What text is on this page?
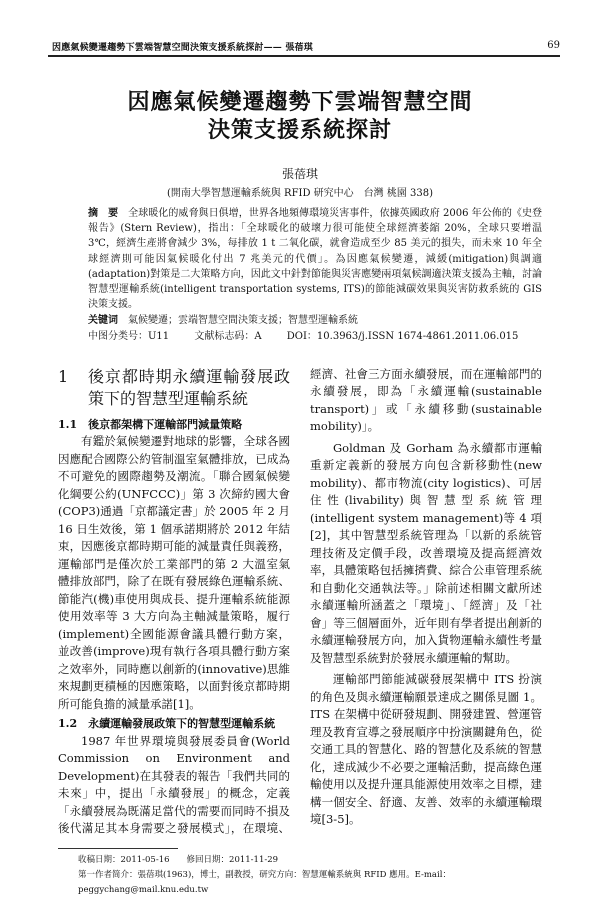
因應氣候變遷趨勢下雲端智慧空間決策支援系統探討—— 張蓓琪	69
因應氣候變遷趨勢下雲端智慧空間
決策支援系統探討
張蓓琪
(開南大學智慧運輸系統與 RFID 研究中心　台灣 桃園 338)
摘　要 全球暖化的威脅與日俱增，世界各地頻傳環境災害事件，依據英國政府 2006 年公佈的《史登報告》(Stern Review)，指出：「全球暖化的破壞力很可能使全球經濟萎縮 20%，全球只要增温 3℃，經濟生產將會減少 3%，每排放 1 t 二氧化碳，就會造成至少 85 美元的損失，而未來 10 年全球經濟則可能因氣候暖化付出 7 兆美元的代價」。為因應氣候變遷，減緩(mitigation)與調適(adaptation)對策是二大策略方向，因此文中針對節能與災害應變兩項氣候調適決策支援為主軸，討論智慧型運輸系統(intelligent transportation systems, ITS)的節能減碳效果與災害防救系統的 GIS 決策支援。
关键词 氣候變遷；雲端智慧空間決策支援；智慧型運輸系統
中图分类号：U11	文献标志码：A	DOI：10.3963/j.ISSN 1674-4861.2011.06.015
1	後京都時期永續運輸發展政策下的智慧型運輸系統
1.1　 後京都架構下運輸部門減量策略

有鑑於氣候變遷對地球的影響，全球各國因應配合國際公約管制溫室氣體排放，已成為不可避免的國際趨勢及潮流。「聯合國氣候變化綱要公約(UNFCCC)」第 3 次締約國大會(COP3)通過「京都議定書」於 2005 年 2 月 16 日生效後，第 1 個承諾期將於 2012 年結束，因應後京都時期可能的減量責任與義務，運輸部門是僅次於工業部門的第 2 大溫室氣體排放部門，除了在既有發展綠色運輸系統、節能汽(機)車使用與成長、提升運輸系統能源使用效率等 3 大方向為主軸減量策略，履行(implement)全國能源會議具體行動方案，並改善(improve)現有執行各項具體行動方案之效率外，同時應以創新的(innovative)思維來規劃更積極的因應策略，以面對後京都時期所可能負擔的減量承諾[1]。

1.2　 永續運輸發展政策下的智慧型運輸系統

1987 年世界環境與發展委員會(World Commission on Environment and Development)在其發表的報告「我們共同的未來」中，提出「永續發展」的概念，定義「永續發展為既滿足當代的需要而同時不損及後代滿足其本身需要之發展模式」，在環境、經濟、社會三方面永續發展，而在運輸部門的永續發展，即為「永續運輸(sustainable transport)」或「永續移動(sustainable mobility)」。

Goldman 及 Gorham 為永續都市運輸重新定義新的發展方向包含新移動性(new mobility)、都市物流(city logistics)、可居住性(livability)與智慧型系統管理(intelligent system management)等 4 項[2]，其中智慧型系統管理為「以新的系統管理技術及定價手段，改善環境及提高經濟效率，具體策略包括擁擠費、綜合公車管理系統和自動化交通執法等。」除前述相關文獻所述永續運輸所涵蓋之「環境」、「經濟」及「社會」等三個層面外，近年則有學者提出創新的永續運輸發展方向，加入貨物運輸永續性考量及智慧型系統對於發展永續運輸的幫助。

運輸部門節能減碳發展架構中 ITS 扮演的角色及與永續運輸願景達成之關係見圖 1。ITS 在架構中從研發規劃、開發建置、營運管理及教育宣導之發展順序中扮演關鍵角色，從交通工具的智慧化、路的智慧化及系統的智慧化，達成減少不必要之運輸活動，提高綠色運輸使用以及提升運具能源使用效率之目標，建構一個安全、舒適、友善、效率的永續運輸環境[3-5]。

收稿日期：2011-05-16　　 修回日期：2011-11-29
第一作者简介：張蓓琪(1963)，博士，副教授，研究方向：智慧運輸系統與 RFID 應用。E-mail：peggychang@mail.knu.edu.tw
